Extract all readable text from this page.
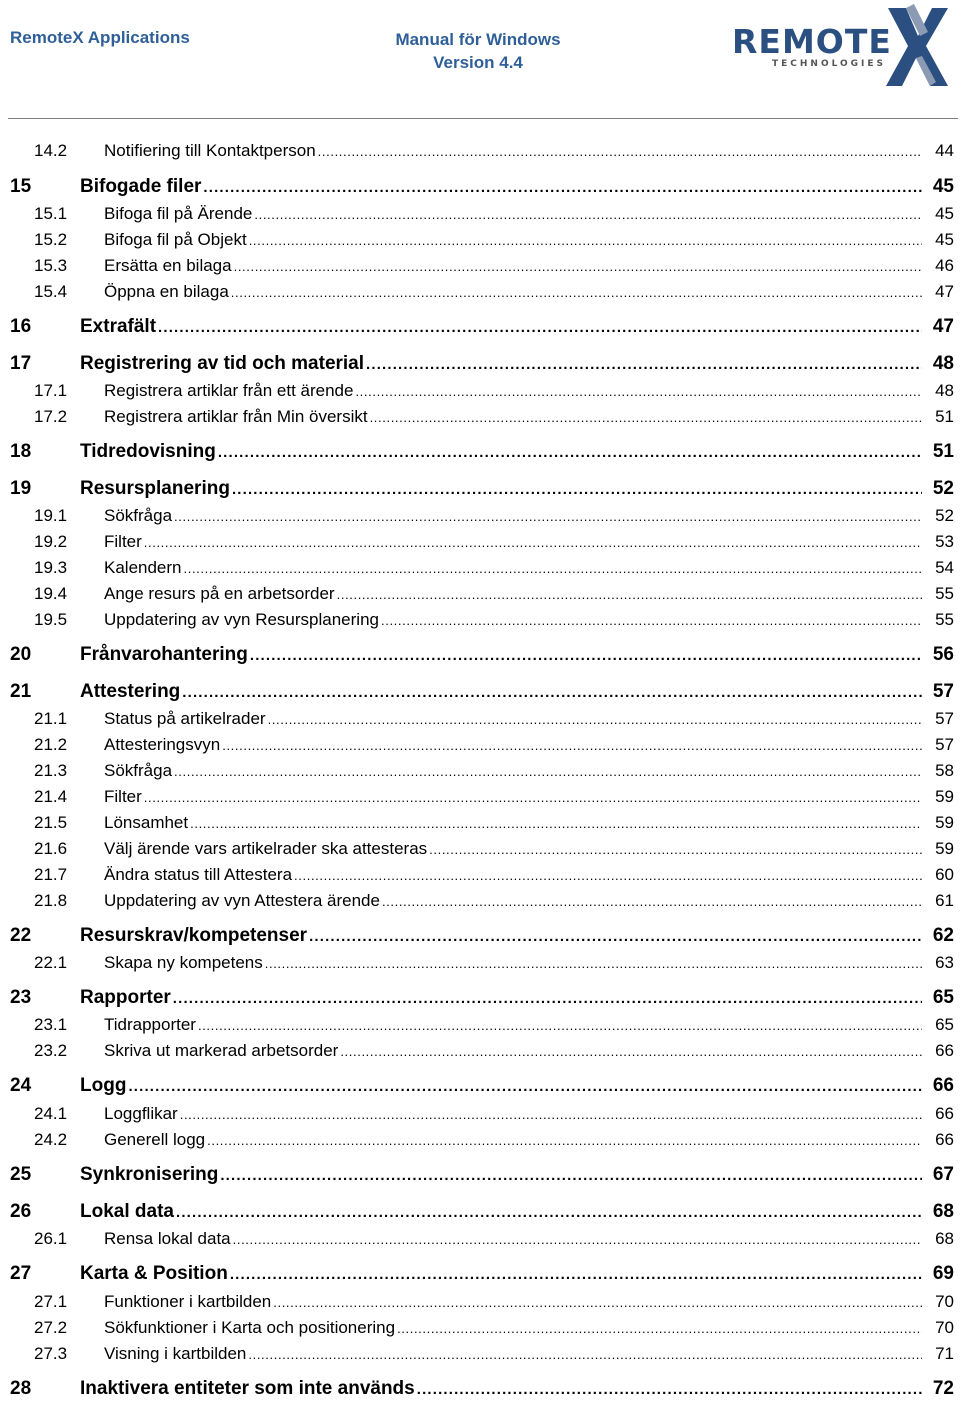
RemoteX Applications	Manual för Windows
Version 4.4
REMOTE
TECHNOLOGIES
14.2	Notifiering till Kontaktperson . . .	44
15	Bifogade filer . . .	45
15.1	Bifoga fil på Ärende . . .	45
15.2	Bifoga fil på Objekt . . .	45
15.3	Ersätta en bilaga . . .	46
15.4	Öppna en bilaga . . .	47
16	Extrafält . . .	47
17	Registrering av tid och material . . .	48
17.1	Registrera artiklar från ett ärende . . .	48
17.2	Registrera artiklar från Min översikt . . .	51
18	Tidredovisning . . .	51
19	Resursplanering . . .	52
19.1	Sökfråga . . .	52
19.2	Filter . . .	53
19.3	Kalendern . . .	54
19.4	Ange resurs på en arbetsorder . . .	55
19.5	Uppdatering av vyn Resursplanering . . .	55
20	Frånvarohantering . . .	56
21	Attestering . . .	57
21.1	Status på artikelrader . . .	57
21.2	Attesteringsvyn . . .	57
21.3	Sökfråga . . .	58
21.4	Filter . . .	59
21.5	Lönsamhet . . .	59
21.6	Välj ärende vars artikelrader ska attesteras . . .	59
21.7	Ändra status till Attestera . . .	60
21.8	Uppdatering av vyn Attestera ärende . . .	61
22	Resurskrav/kompetenser . . .	62
22.1	Skapa ny kompetens . . .	63
23	Rapporter . . .	65
23.1	Tidrapporter . . .	65
23.2	Skriva ut markerad arbetsorder . . .	66
24	Logg . . .	66
24.1	Loggflikar . . .	66
24.2	Generell logg . . .	66
25	Synkronisering . . .	67
26	Lokal data . . .	68
26.1	Rensa lokal data . . .	68
27	Karta & Position . . .	69
27.1	Funktioner i kartbilden . . .	70
27.2	Sökfunktioner i Karta och positionering . . .	70
27.3	Visning i kartbilden . . .	71
28	Inaktivera entiteter som inte används . . .	72
